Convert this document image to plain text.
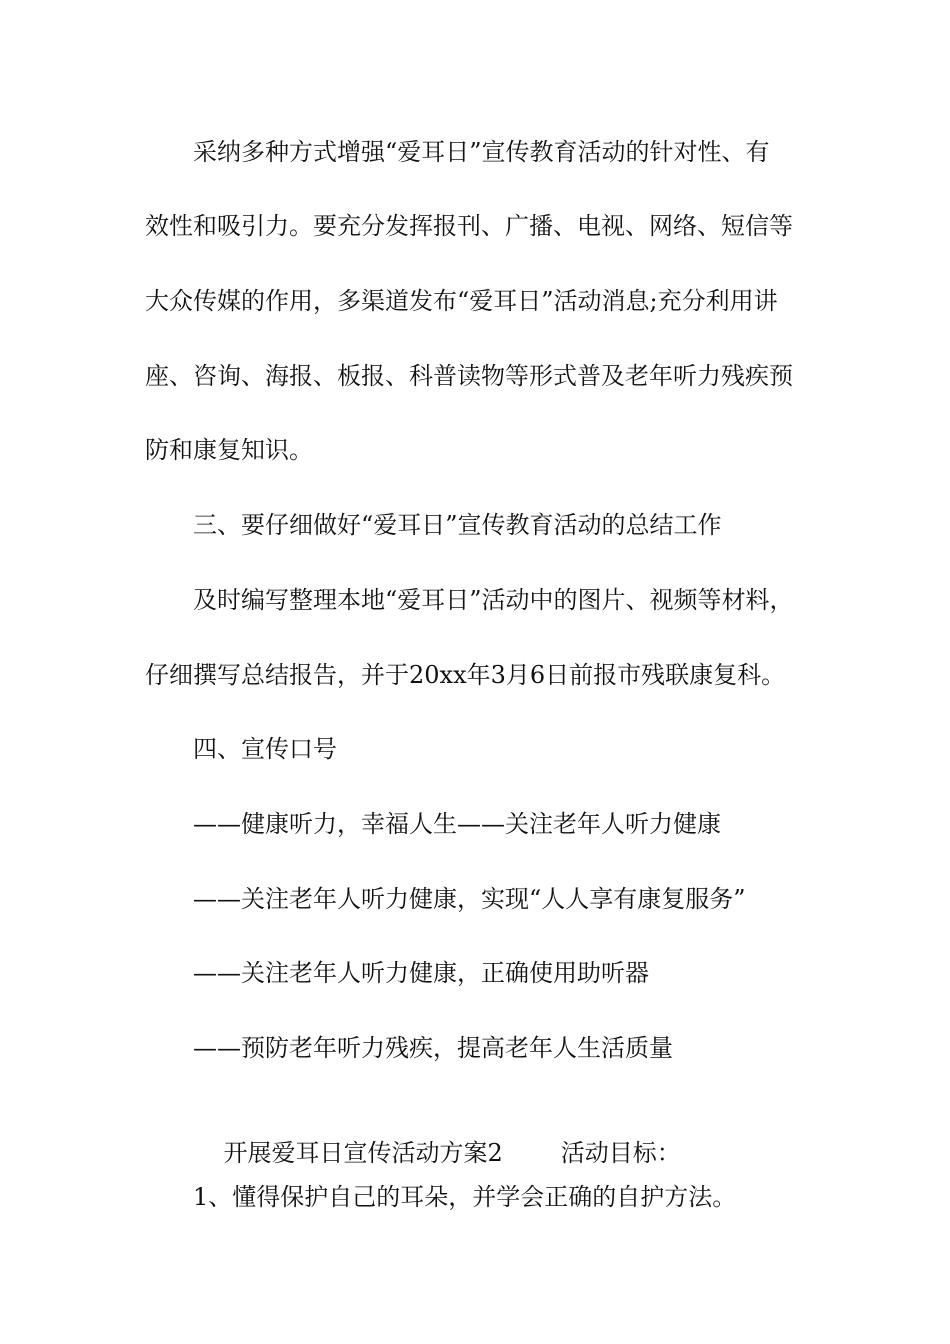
采纳多种方式增强“爱耳日”宣传教育活动的针对性、有
效性和吸引力。要充分发挥报刊、广播、电视、网络、短信等
大众传媒的作用，多渠道发布“爱耳日”活动消息;充分利用讲
座、咨询、海报、板报、科普读物等形式普及老年听力残疾预
防和康复知识。
三、要仔细做好“爱耳日”宣传教育活动的总结工作
及时编写整理本地“爱耳日”活动中的图片、视频等材料，
仔细撰写总结报告，并于20xx年3月6日前报市残联康复科。
四、宣传口号
——健康听力，幸福人生——关注老年人听力健康
——关注老年人听力健康，实现“人人享有康复服务”
——关注老年人听力健康，正确使用助听器
——预防老年听力残疾，提高老年人生活质量

开展爱耳日宣传活动方案2 活动目标：

1、懂得保护自己的耳朵，并学会正确的自护方法。
